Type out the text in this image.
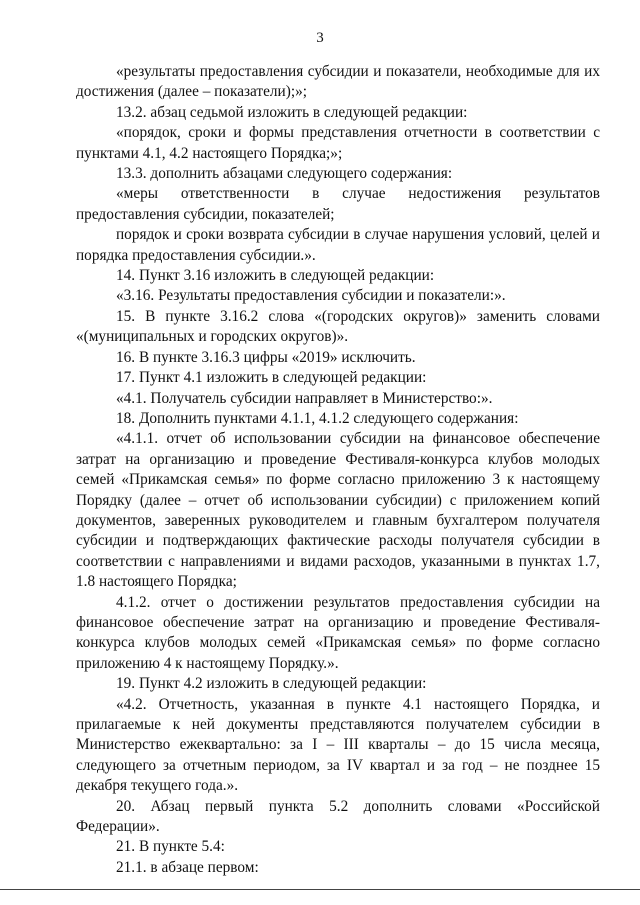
3

«результаты предоставления субсидии и показатели, необходимые для их достижения (далее – показатели);»;

13.2. абзац седьмой изложить в следующей редакции:

«порядок, сроки и формы представления отчетности в соответствии с пунктами 4.1, 4.2 настоящего Порядка;»;

13.3. дополнить абзацами следующего содержания:

«меры ответственности в случае недостижения результатов предоставления субсидии, показателей;

порядок и сроки возврата субсидии в случае нарушения условий, целей и порядка предоставления субсидии.».

14. Пункт 3.16 изложить в следующей редакции:

«3.16. Результаты предоставления субсидии и показатели:».

15. В пункте 3.16.2 слова «(городских округов)» заменить словами «(муниципальных и городских округов)».

16. В пункте 3.16.3 цифры «2019» исключить.

17. Пункт 4.1 изложить в следующей редакции:

«4.1. Получатель субсидии направляет в Министерство:».

18. Дополнить пунктами 4.1.1, 4.1.2 следующего содержания:

«4.1.1. отчет об использовании субсидии на финансовое обеспечение затрат на организацию и проведение Фестиваля-конкурса клубов молодых семей «Прикамская семья» по форме согласно приложению 3 к настоящему Порядку (далее – отчет об использовании субсидии) с приложением копий документов, заверенных руководителем и главным бухгалтером получателя субсидии и подтверждающих фактические расходы получателя субсидии в соответствии с направлениями и видами расходов, указанными в пунктах 1.7, 1.8 настоящего Порядка;

4.1.2. отчет о достижении результатов предоставления субсидии на финансовое обеспечение затрат на организацию и проведение Фестиваля-конкурса клубов молодых семей «Прикамская семья» по форме согласно приложению 4 к настоящему Порядку.».

19. Пункт 4.2 изложить в следующей редакции:

«4.2. Отчетность, указанная в пункте 4.1 настоящего Порядка, и прилагаемые к ней документы представляются получателем субсидии в Министерство ежеквартально: за I – III кварталы – до 15 числа месяца, следующего за отчетным периодом, за IV квартал и за год – не позднее 15 декабря текущего года.».

20. Абзац первый пункта 5.2 дополнить словами «Российской Федерации».

21. В пункте 5.4:

21.1. в абзаце первом:
